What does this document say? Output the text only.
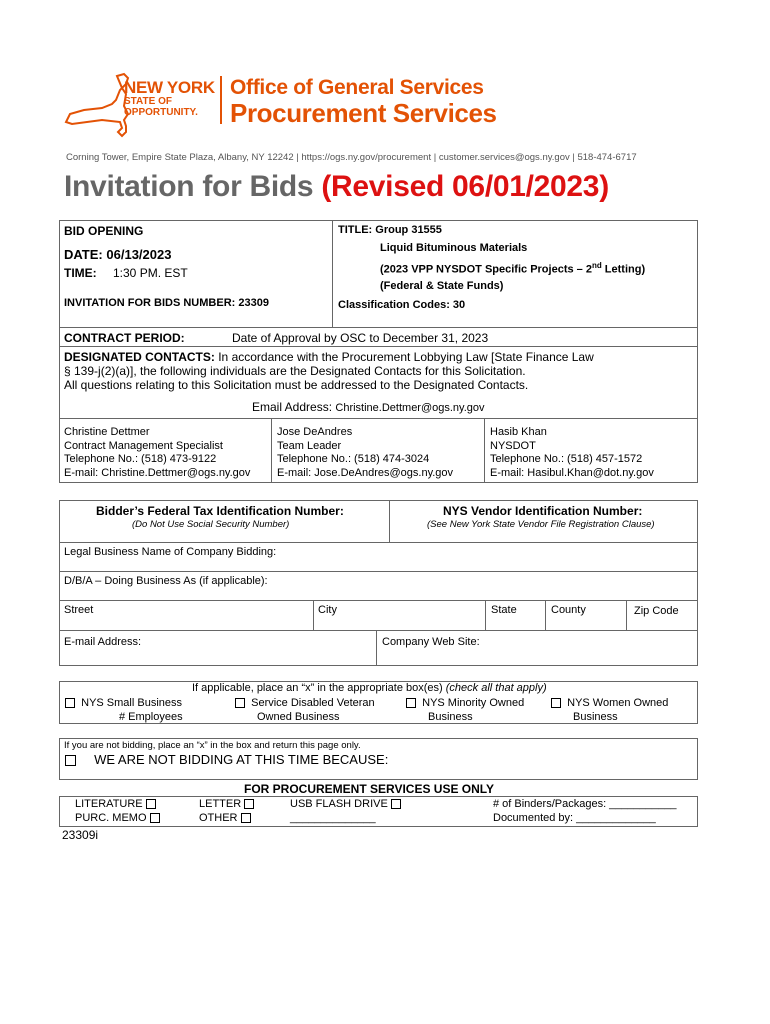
NEW YORK
STATE OF
OPPORTUNITY.
Office of General Services
Procurement Services
Corning Tower, Empire State Plaza, Albany, NY 12242 | https://ogs.ny.gov/procurement | customer.services@ogs.ny.gov | 518-474-6717
Invitation for Bids (Revised 06/01/2023)
BID OPENING
DATE: 06/13/2023
TIME: 1:30 PM. EST
INVITATION FOR BIDS NUMBER: 23309
TITLE: Group 31555
Liquid Bituminous Materials
(2023 VPP NYSDOT Specific Projects – 2nd Letting)
(Federal & State Funds)
Classification Codes: 30
CONTRACT PERIOD:	Date of Approval by OSC to December 31, 2023
DESIGNATED CONTACTS: In accordance with the Procurement Lobbying Law [State Finance Law
§ 139-j(2)(a)], the following individuals are the Designated Contacts for this Solicitation.
All questions relating to this Solicitation must be addressed to the Designated Contacts.
Email Address: Christine.Dettmer@ogs.ny.gov
Christine Dettmer
Contract Management Specialist
Telephone No.: (518) 473-9122
E-mail: Christine.Dettmer@ogs.ny.gov
Jose DeAndres
Team Leader
Telephone No.: (518) 474-3024
E-mail: Jose.DeAndres@ogs.ny.gov
Hasib Khan
NYSDOT
Telephone No.: (518) 457-1572
E-mail: Hasibul.Khan@dot.ny.gov
Bidder’s Federal Tax Identification Number:
(Do Not Use Social Security Number)
NYS Vendor Identification Number:
(See New York State Vendor File Registration Clause)
Legal Business Name of Company Bidding:
D/B/A – Doing Business As (if applicable):
Street	City	State	County	Zip Code
E-mail Address:	Company Web Site:
If applicable, place an “x” in the appropriate box(es) (check all that apply)
NYS Small Business
# Employees
Service Disabled Veteran
Owned Business
NYS Minority Owned
Business
NYS Women Owned
Business
If you are not bidding, place an “x” in the box and return this page only.
WE ARE NOT BIDDING AT THIS TIME BECAUSE:
FOR PROCUREMENT SERVICES USE ONLY
LITERATURE
PURC. MEMO
LETTER
OTHER
USB FLASH DRIVE
______________
# of Binders/Packages: ___________
Documented by: _____________
23309i
